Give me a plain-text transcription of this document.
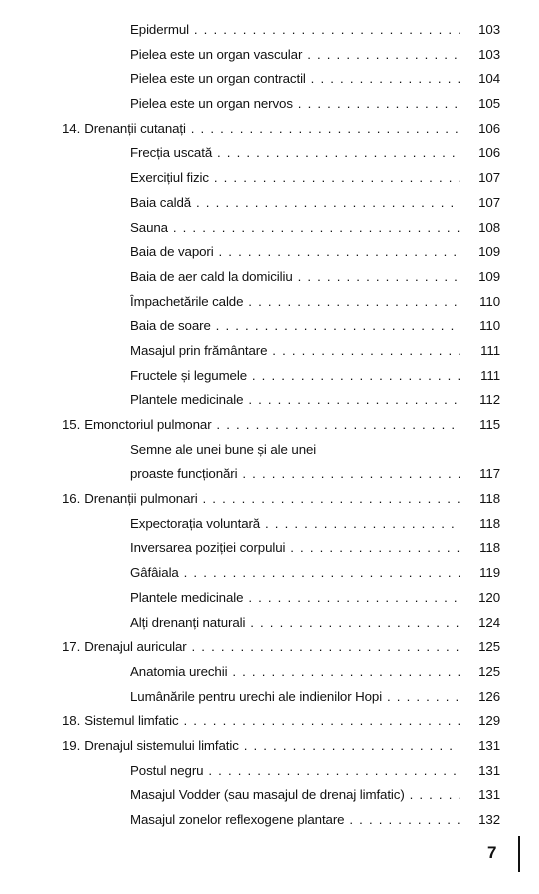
Epidermul . . .	103
Pielea este un organ vascular . . .	103
Pielea este un organ contractil . . .	104
Pielea este un organ nervos . . .	105
14. Drenanții cutanați . . .	106
Frecția uscată . . .	106
Exercițiul fizic . . .	107
Baia caldă . . .	107
Sauna . . .	108
Baia de vapori . . .	109
Baia de aer cald la domiciliu . . .	109
Împachetările calde . . .	110
Baia de soare . . .	110
Masajul prin frământare . . .	111
Fructele și legumele . . .	111
Plantele medicinale . . .	112
15. Emonctoriul pulmonar . . .	115
Semne ale unei bune și ale unei
proaste funcționări . . .	117
16. Drenanții pulmonari . . .	118
Expectorația voluntară . . .	118
Inversarea poziției corpului . . .	118
Gâfâiala . . .	119
Plantele medicinale . . .	120
Alți drenanți naturali . . .	124
17. Drenajul auricular . . .	125
Anatomia urechii . . .	125
Lumânările pentru urechi ale indienilor Hopi . . .	126
18. Sistemul limfatic . . .	129
19. Drenajul sistemului limfatic . . .	131
Postul negru . . .	131
Masajul Vodder (sau masajul de drenaj limfatic) . . .	131
Masajul zonelor reflexogene plantare . . .	132
7
